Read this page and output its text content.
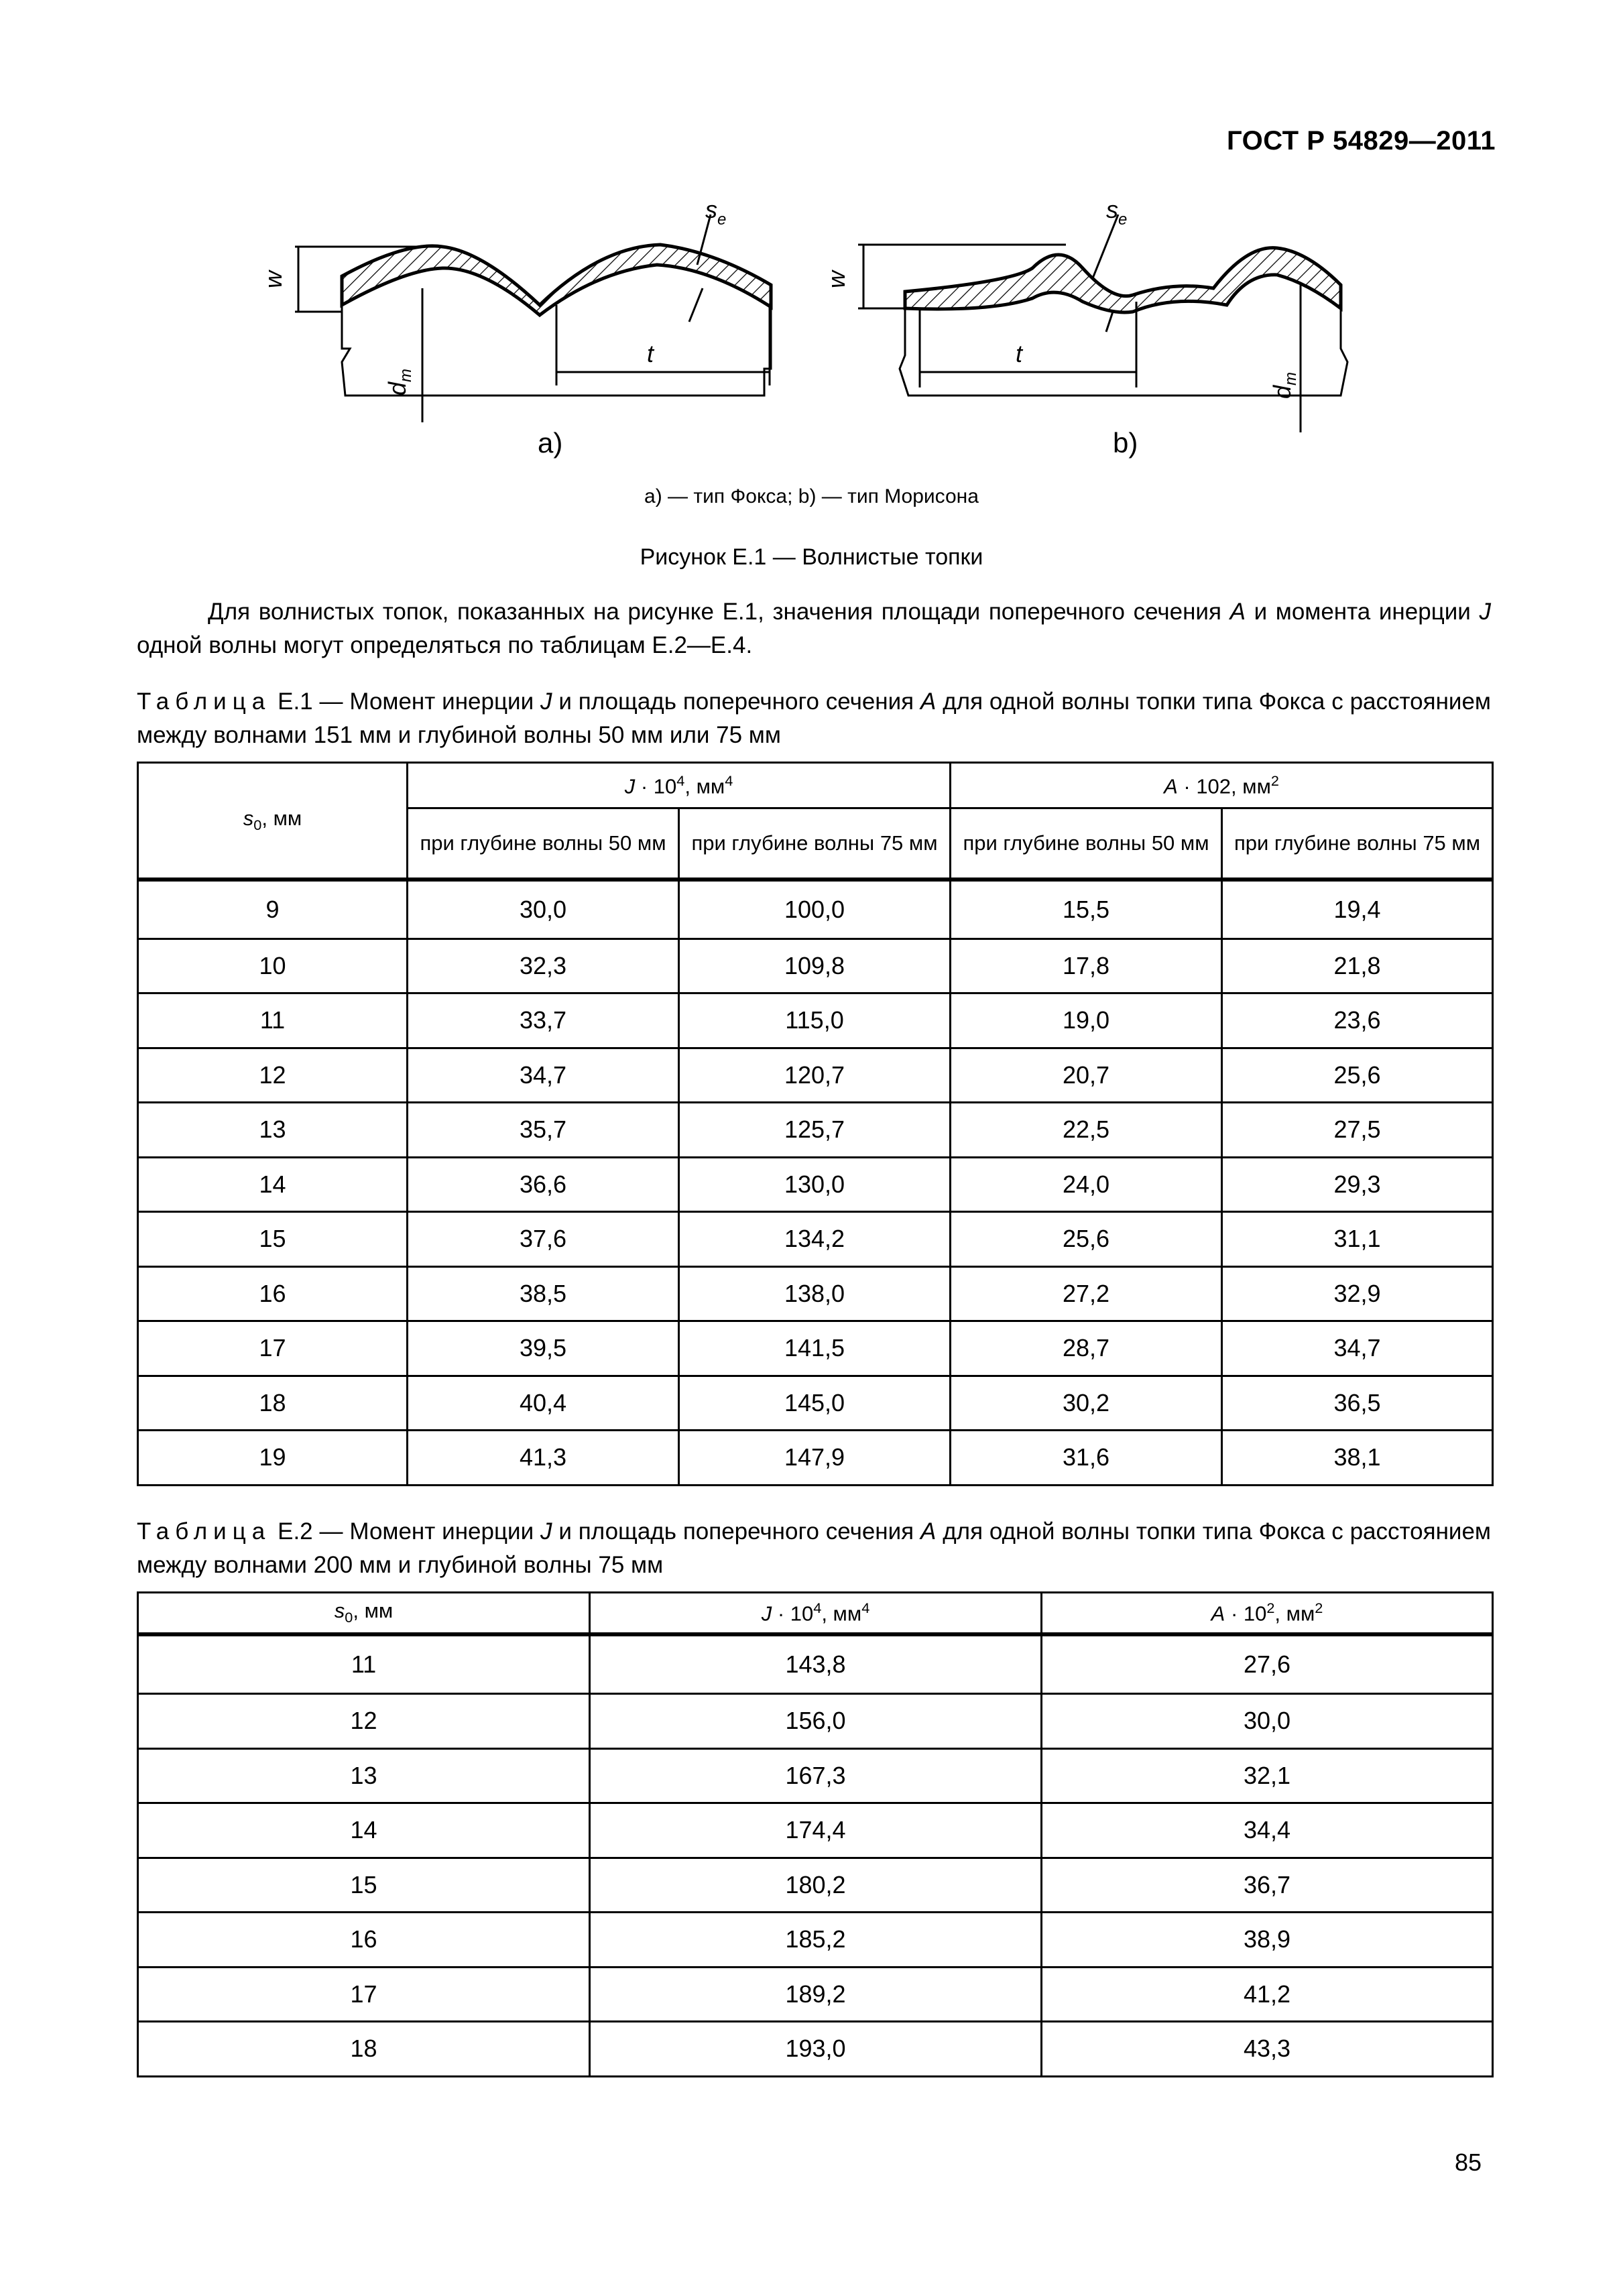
ГОСТ Р 54829—2011
w	w
$s_e$	$s_e$
t	t
$d_m$
$d_m$
а)	b)
а) — тип Фокса; b) — тип Морисона
Рисунок Е.1 — Волнистые топки
Для волнистых топок, показанных на рисунке Е.1, значения площади поперечного сечения А и момента инерции J одной волны могут определяться по таблицам Е.2—Е.4.
Таблица Е.1 — Момент инерции J и площадь поперечного сечения А для одной волны топки типа Фокса с расстоянием между волнами 151 мм и глубиной волны 50 мм или 75 мм
$s_0$, мм	$J \cdot 10^4$, $мм^4$		А · 102, $мм^2$
	при глубине волны 50 мм	при глубине волны 75 мм	при глубине волны 50 мм	при глубине волны 75 мм
9	30,0	100,0	15,5	19,4
10	32,3	109,8	17,8	21,8
11	33,7	115,0	19,0	23,6
12	34,7	120,7	20,7	25,6
13	35,7	125,7	22,5	27,5
14	36,6	130,0	24,0	29,3
15	37,6	134,2	25,6	31,1
16	38,5	138,0	27,2	32,9
17	39,5	141,5	28,7	34,7
18	40,4	145,0	30,2	36,5
19	41,3	147,9	31,6	38,1
Таблица Е.2 — Момент инерции J и площадь поперечного сечения А для одной волны топки типа Фокса с расстоянием между волнами 200 мм и глубиной волны 75 мм
$s_0$, мм	$J \cdot 10^4$, $мм^4$	$А \cdot 10^2$, $мм^2$
11	143,8	27,6
12	156,0	30,0
13	167,3	32,1
14	174,4	34,4
15	180,2	36,7
16	185,2	38,9
17	189,2	41,2
18	193,0	43,3
85
